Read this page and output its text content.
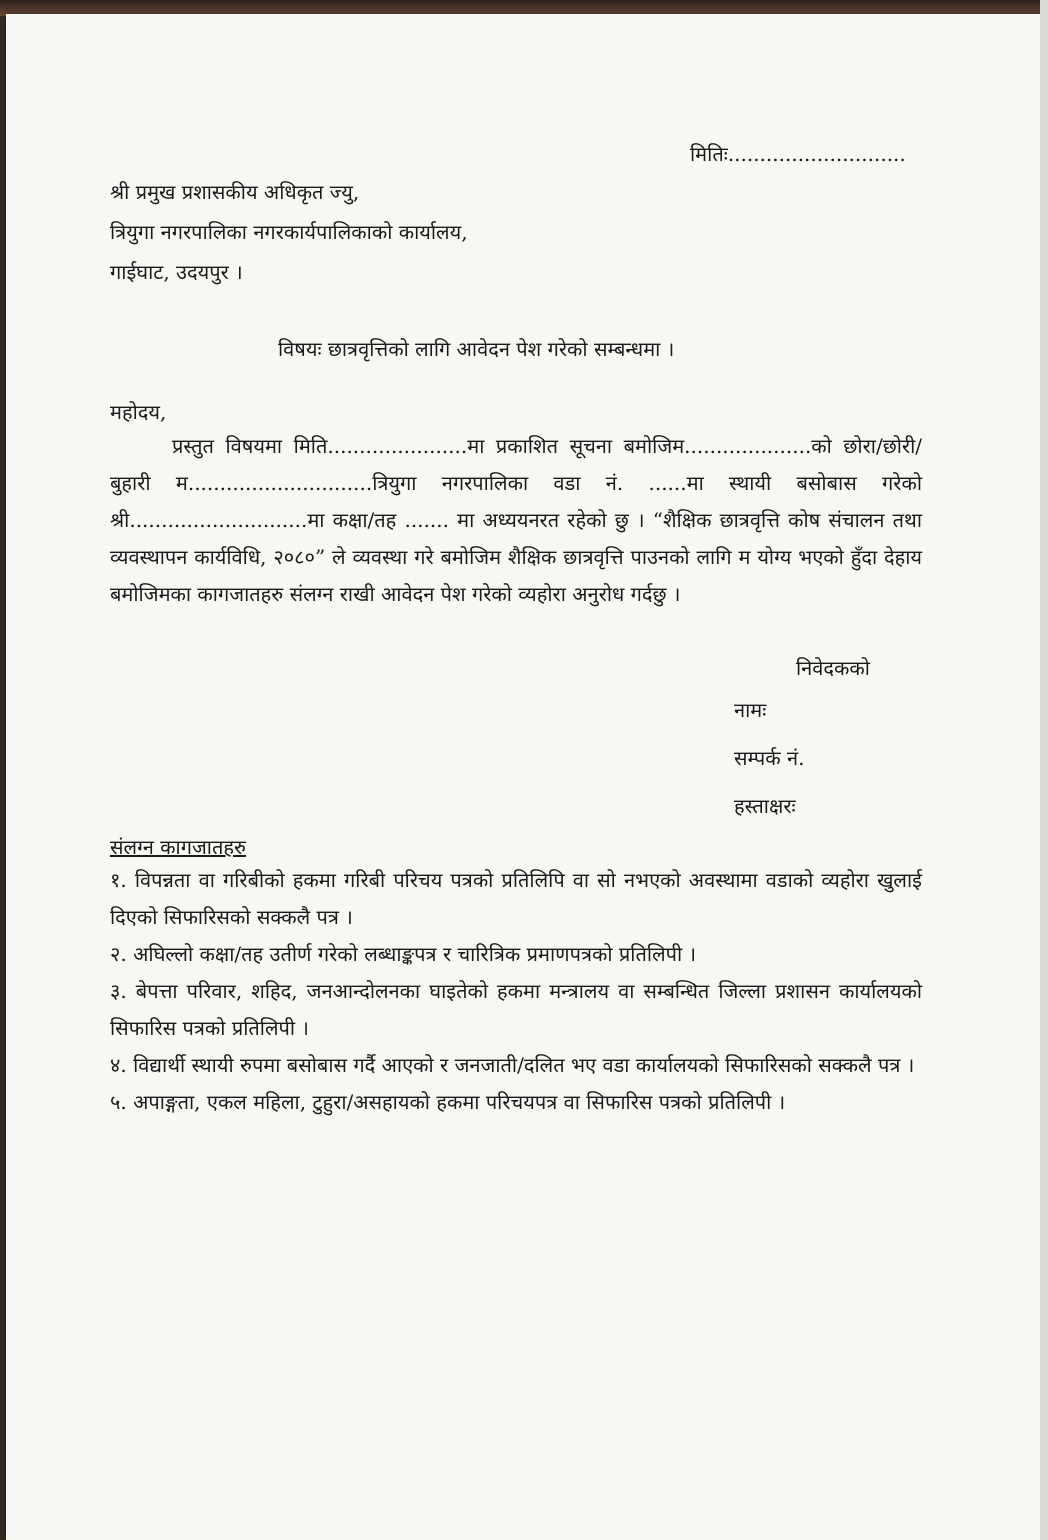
मितिः............................
श्री प्रमुख प्रशासकीय अधिकृत ज्यु,
त्रियुगा नगरपालिका नगरकार्यपालिकाको कार्यालय,
गाईघाट, उदयपुर ।
विषयः छात्रवृत्तिको लागि आवेदन पेश गरेको सम्बन्धमा ।
महोदय,

प्रस्तुत विषयमा मिति......................मा प्रकाशित सूचना बमोजिम....................को छोरा/छोरी/बुहारी म.............................त्रियुगा नगरपालिका वडा नं. ......मा स्थायी बसोबास गरेको श्री............................मा कक्षा/तह ....... मा अध्ययनरत रहेको छु । “शैक्षिक छात्रवृत्ति कोष संचालन तथा व्यवस्थापन कार्यविधि, २०८०” ले व्यवस्था गरे बमोजिम शैक्षिक छात्रवृत्ति पाउनको लागि म योग्य भएको हुँदा देहाय बमोजिमका कागजातहरु संलग्न राखी आवेदन पेश गरेको व्यहोरा अनुरोध गर्दछु ।

निवेदकको
नामः
सम्पर्क नं.
हस्ताक्षरः
संलग्न कागजातहरु
१. विपन्नता वा गरिबीको हकमा गरिबी परिचय पत्रको प्रतिलिपि वा सो नभएको अवस्थामा वडाको व्यहोरा खुलाई दिएको सिफारिसको सक्कलै पत्र ।
२. अघिल्लो कक्षा/तह उतीर्ण गरेको लब्धाङ्कपत्र र चारित्रिक प्रमाणपत्रको प्रतिलिपी ।
३. बेपत्ता परिवार, शहिद, जनआन्दोलनका घाइतेको हकमा मन्त्रालय वा सम्बन्धित जिल्ला प्रशासन कार्यालयको सिफारिस पत्रको प्रतिलिपी ।
४. विद्यार्थी स्थायी रुपमा बसोबास गर्दै आएको र जनजाती/दलित भए वडा कार्यालयको सिफारिसको सक्कलै पत्र ।
५. अपाङ्गता, एकल महिला, टुहुरा/असहायको हकमा परिचयपत्र वा सिफारिस पत्रको प्रतिलिपी ।
